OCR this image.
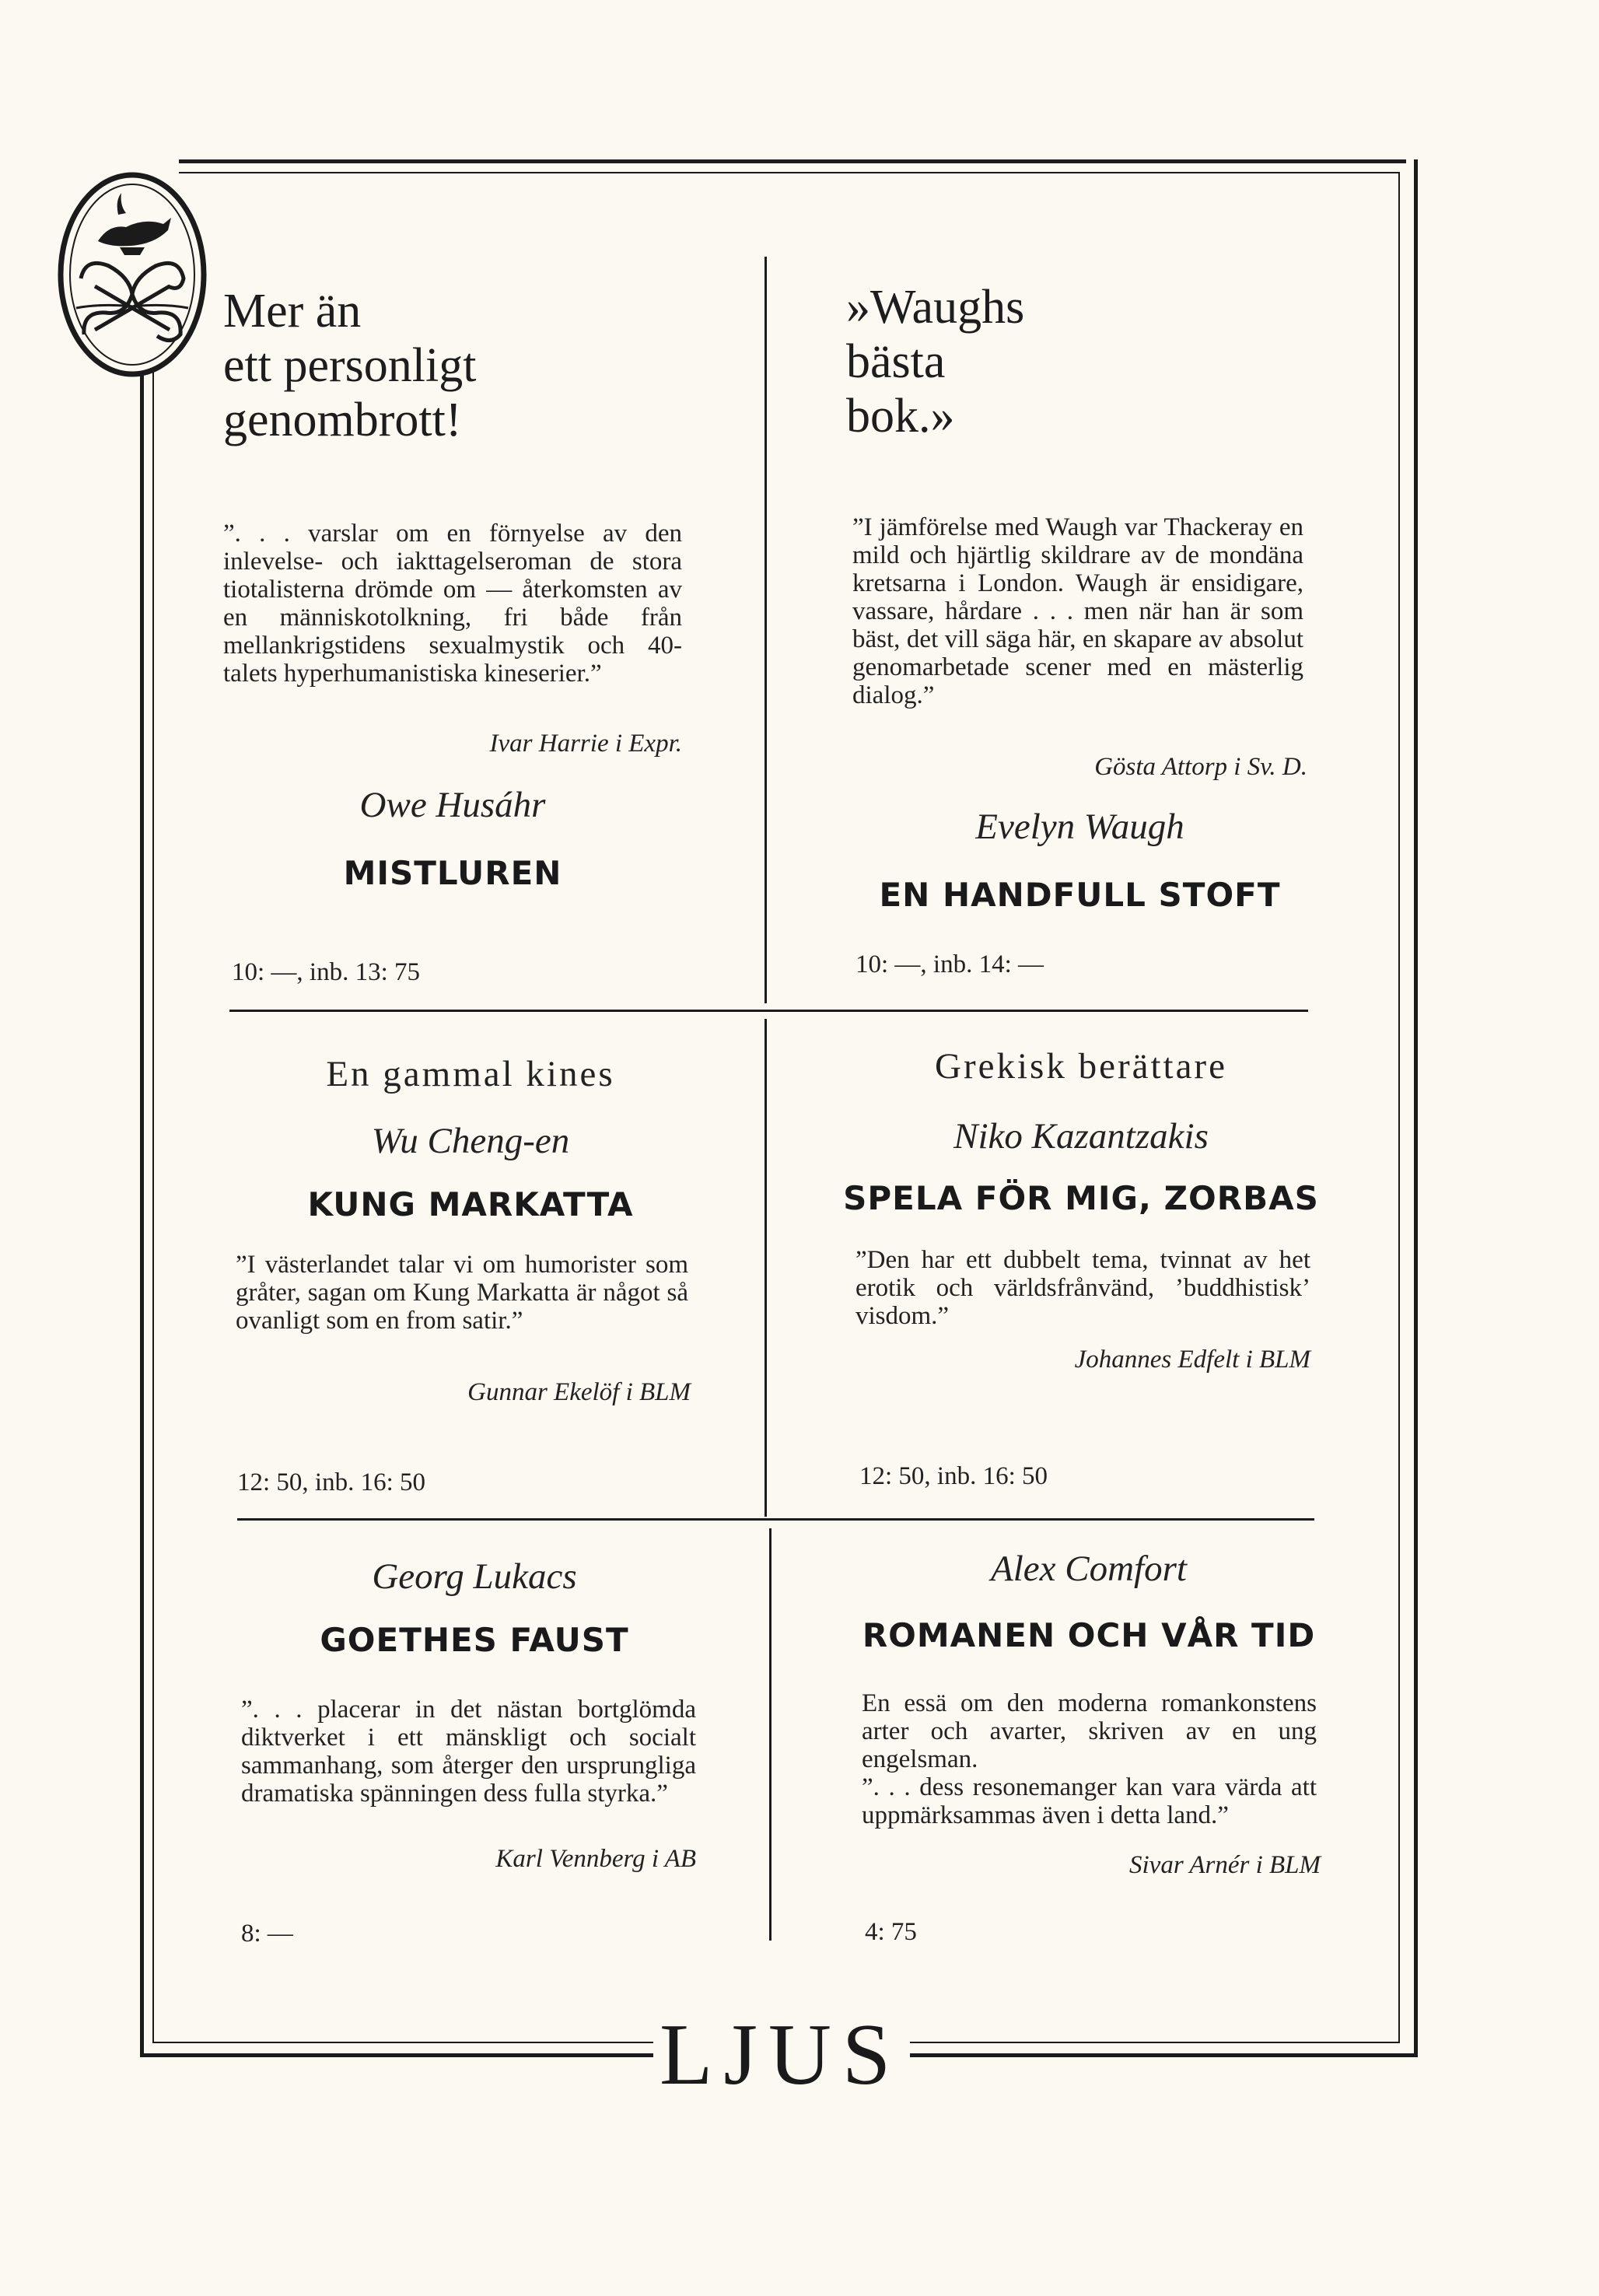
Mer än
ett personligt
genombrott!
”. . . varslar om en förnyelse av den inlevelse- och iakttagelseroman de stora tiotalisterna drömde om — återkomsten av en människotolkning, fri både från mellankrigstidens sexualmystik och 40-talets hyperhumanistiska kineserier.”
Ivar Harrie i Expr.
Owe Husáhr
MISTLUREN
10: —, inb. 13: 75
»Waughs
bästa
bok.»
”I jämförelse med Waugh var Thackeray en mild och hjärtlig skildrare av de mondäna kretsarna i London. Waugh är ensidigare, vassare, hårdare . . . men när han är som bäst, det vill säga här, en skapare av absolut genomarbetade scener med en mästerlig dialog.”
Gösta Attorp i Sv. D.
Evelyn Waugh
EN HANDFULL STOFT
10: —, inb. 14: —
En gammal kines
Wu Cheng-en
KUNG MARKATTA
”I västerlandet talar vi om humorister som gråter, sagan om Kung Markatta är något så ovanligt som en from satir.”
Gunnar Ekelöf i BLM
12: 50, inb. 16: 50
Grekisk berättare
Niko Kazantzakis
SPELA FÖR MIG, ZORBAS
”Den har ett dubbelt tema, tvinnat av het erotik och världsfrånvänd, ’buddhistisk’ visdom.”
Johannes Edfelt i BLM
12: 50, inb. 16: 50
Georg Lukacs
GOETHES FAUST
”. . . placerar in det nästan bortglömda diktverket i ett mänskligt och socialt sammanhang, som återger den ursprungliga dramatiska spänningen dess fulla styrka.”
Karl Vennberg i AB
8: —
Alex Comfort
ROMANEN OCH VÅR TID
En essä om den moderna romankonstens arter och avarter, skriven av en ung engelsman.
”. . . dess resonemanger kan vara värda att uppmärksammas även i detta land.”
Sivar Arnér i BLM
4: 75
LJUS
